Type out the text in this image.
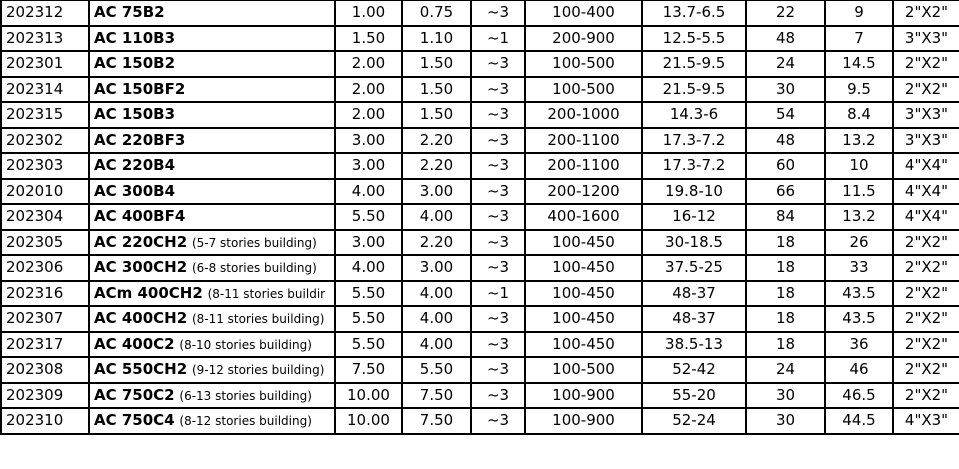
202312	AC 75B2	1.00	0.75	~3	100-400	13.7-6.5	22	9	2"X2"
202313	AC 110B3	1.50	1.10	~1	200-900	12.5-5.5	48	7	3"X3"
202301	AC 150B2	2.00	1.50	~3	100-500	21.5-9.5	24	14.5	2"X2"
202314	AC 150BF2	2.00	1.50	~3	100-500	21.5-9.5	30	9.5	2"X2"
202315	AC 150B3	2.00	1.50	~3	200-1000	14.3-6	54	8.4	3"X3"
202302	AC 220BF3	3.00	2.20	~3	200-1100	17.3-7.2	48	13.2	3"X3"
202303	AC 220B4	3.00	2.20	~3	200-1100	17.3-7.2	60	10	4"X4"
202010	AC 300B4	4.00	3.00	~3	200-1200	19.8-10	66	11.5	4"X4"
202304	AC 400BF4	5.50	4.00	~3	400-1600	16-12	84	13.2	4"X4"
202305	AC 220CH2 (5-7 stories building)	3.00	2.20	~3	100-450	30-18.5	18	26	2"X2"
202306	AC 300CH2 (6-8 stories building)	4.00	3.00	~3	100-450	37.5-25	18	33	2"X2"
202316	ACm 400CH2 (8-11 stories buildir	5.50	4.00	~1	100-450	48-37	18	43.5	2"X2"
202307	AC 400CH2 (8-11 stories building)	5.50	4.00	~3	100-450	48-37	18	43.5	2"X2"
202317	AC 400C2 (8-10 stories building)	5.50	4.00	~3	100-450	38.5-13	18	36	2"X2"
202308	AC 550CH2 (9-12 stories building)	7.50	5.50	~3	100-500	52-42	24	46	2"X2"
202309	AC 750C2 (6-13 stories building)	10.00	7.50	~3	100-900	55-20	30	46.5	2"X2"
202310	AC 750C4 (8-12 stories building)	10.00	7.50	~3	100-900	52-24	30	44.5	4"X3"
